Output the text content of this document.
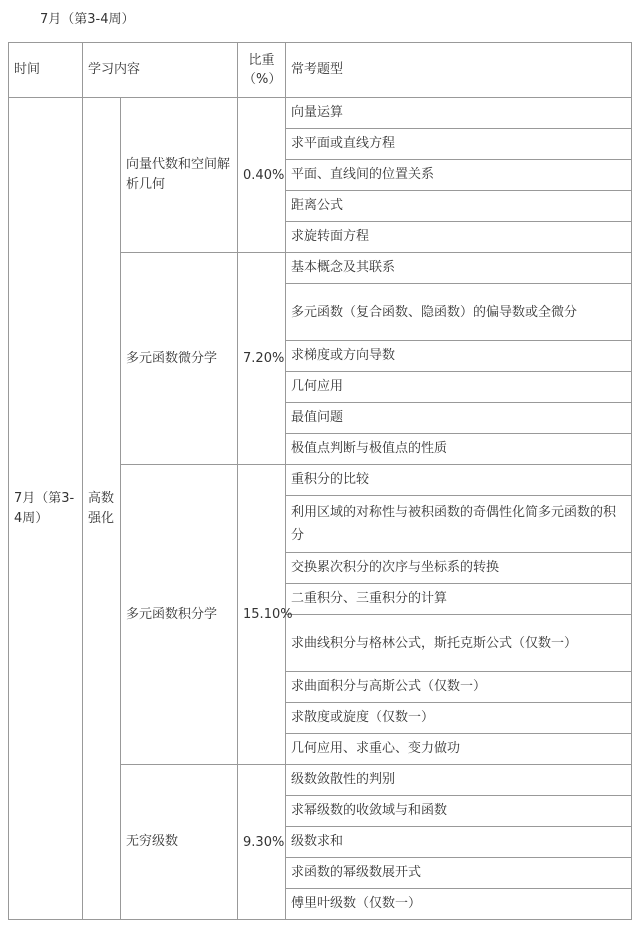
7月（第3-4周）
时间	学习内容		比重（%）	常考题型
7月（第3-4周）	高数强化	向量代数和空间解析几何	0.40%	向量运算
				求平面或直线方程
				平面、直线间的位置关系
				距离公式
				求旋转面方程
		多元函数微分学	7.20%	基本概念及其联系
				多元函数（复合函数、隐函数）的偏导数或全微分
				求梯度或方向导数
				几何应用
				最值问题
				极值点判断与极值点的性质
		多元函数积分学	15.10%	重积分的比较
				利用区域的对称性与被积函数的奇偶性化简多元函数的积分
				交换累次积分的次序与坐标系的转换
				二重积分、三重积分的计算
				求曲线积分与格林公式，斯托克斯公式（仅数一）
				求曲面积分与高斯公式（仅数一）
				求散度或旋度（仅数一）
				几何应用、求重心、变力做功
		无穷级数	9.30%	级数敛散性的判别
				求幂级数的收敛域与和函数
				级数求和
				求函数的幂级数展开式
				傅里叶级数（仅数一）
